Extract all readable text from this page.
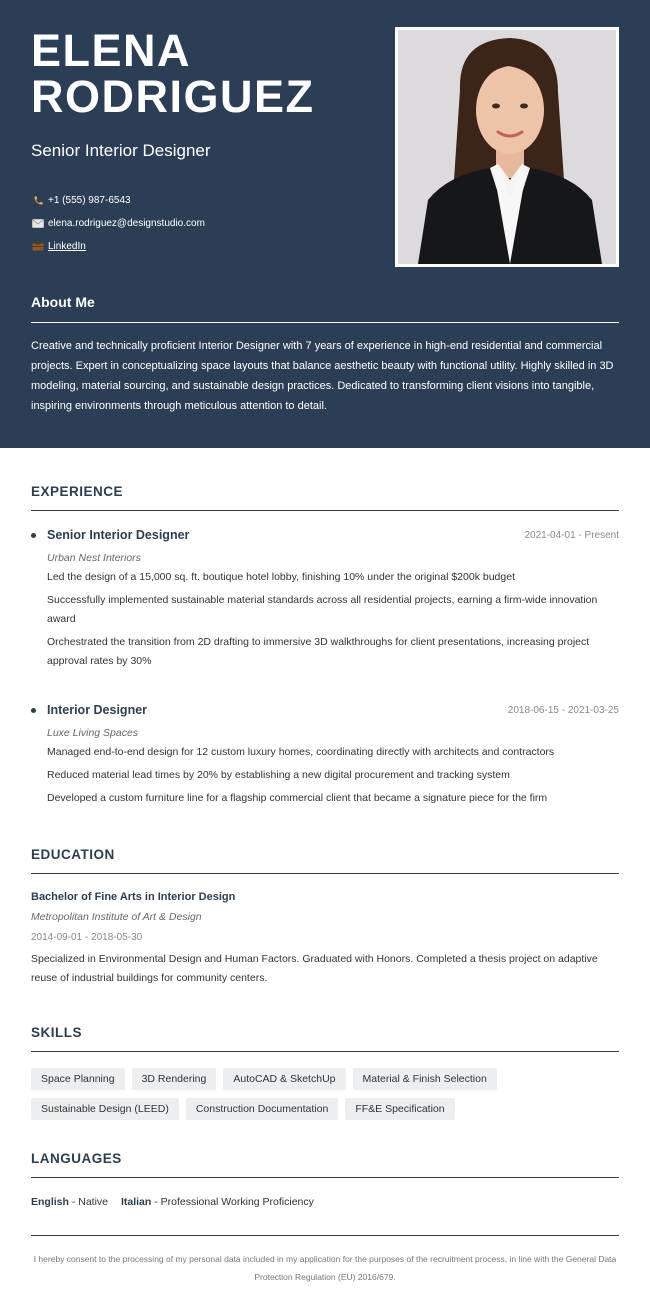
ELENA
RODRIGUEZ
Senior Interior Designer
+1 (555) 987-6543
elena.rodriguez@designstudio.com
LinkedIn
About Me
Creative and technically proficient Interior Designer with 7 years of experience in high-end residential and commercial projects. Expert in conceptualizing space layouts that balance aesthetic beauty with functional utility. Highly skilled in 3D modeling, material sourcing, and sustainable design practices. Dedicated to transforming client visions into tangible, inspiring environments through meticulous attention to detail.
EXPERIENCE
Senior Interior Designer	2021-04-01 - Present
Urban Nest Interiors
Led the design of a 15,000 sq. ft. boutique hotel lobby, finishing 10% under the original $200k budget
Successfully implemented sustainable material standards across all residential projects, earning a firm-wide innovation award
Orchestrated the transition from 2D drafting to immersive 3D walkthroughs for client presentations, increasing project approval rates by 30%
Interior Designer	2018-06-15 - 2021-03-25
Luxe Living Spaces
Managed end-to-end design for 12 custom luxury homes, coordinating directly with architects and contractors
Reduced material lead times by 20% by establishing a new digital procurement and tracking system
Developed a custom furniture line for a flagship commercial client that became a signature piece for the firm
EDUCATION
Bachelor of Fine Arts in Interior Design
Metropolitan Institute of Art & Design
2014-09-01 - 2018-05-30
Specialized in Environmental Design and Human Factors. Graduated with Honors. Completed a thesis project on adaptive reuse of industrial buildings for community centers.
SKILLS
Space Planning	3D Rendering	AutoCAD & SketchUp	Material & Finish Selection
Sustainable Design (LEED)	Construction Documentation	FF&E Specification
LANGUAGES
English - Native Italian - Professional Working Proficiency
I hereby consent to the processing of my personal data included in my application for the purposes of the recruitment process, in line with the General Data Protection Regulation (EU) 2016/679.
